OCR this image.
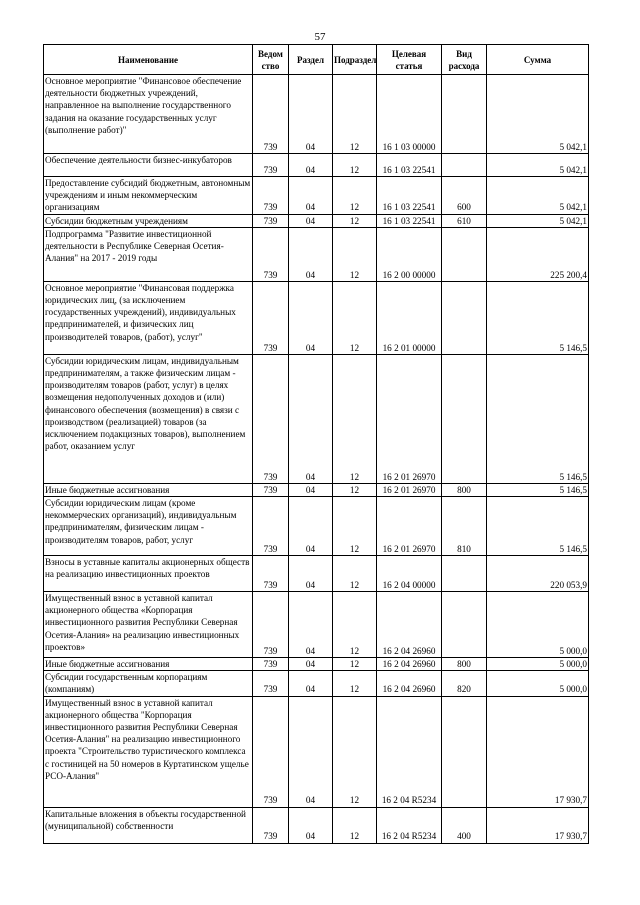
57
Наименование	Ведом ство	Раздел	Подраздел	Целевая статья	Вид расхода	Сумма
Основное мероприятие "Финансовое обеспечение деятельности бюджетных учреждений, направленное на выполнение государственного задания на оказание государственных услуг (выполнение работ)"	739	04	12	16 1 03 00000		5 042,1
Обеспечение деятельности бизнес-инкубаторов	739	04	12	16 1 03 22541		5 042,1
Предоставление субсидий бюджетным, автономным учреждениям и иным некоммерческим организациям	739	04	12	16 1 03 22541	600	5 042,1
Субсидии бюджетным учреждениям	739	04	12	16 1 03 22541	610	5 042,1
Подпрограмма "Развитие инвестиционной деятельности в Республике Северная Осетия-Алания" на 2017 - 2019 годы	739	04	12	16 2 00 00000		225 200,4
Основное мероприятие "Финансовая поддержка юридических лиц, (за исключением государственных учреждений), индивидуальных предпринимателей, и физических лиц производителей товаров, (работ), услуг"	739	04	12	16 2 01 00000		5 146,5
Субсидии юридическим лицам, индивидуальным предпринимателям, а также физическим лицам - производителям товаров (работ, услуг) в целях возмещения недополученных доходов и (или) финансового обеспечения (возмещения) в связи с производством (реализацией) товаров (за исключением подакцизных товаров), выполнением работ, оказанием услуг	739	04	12	16 2 01 26970		5 146,5
Иные бюджетные ассигнования	739	04	12	16 2 01 26970	800	5 146,5
Субсидии юридическим лицам (кроме некоммерческих организаций), индивидуальным предпринимателям, физическим лицам - производителям товаров, работ, услуг	739	04	12	16 2 01 26970	810	5 146,5
Взносы в уставные капиталы акционерных обществ на реализацию инвестиционных проектов	739	04	12	16 2 04 00000		220 053,9
Имущественный взнос в уставной капитал акционерного общества «Корпорация инвестиционного развития Республики Северная Осетия-Алания» на реализацию инвестиционных проектов»	739	04	12	16 2 04 26960		5 000,0
Иные бюджетные ассигнования	739	04	12	16 2 04 26960	800	5 000,0
Субсидии государственным корпорациям (компаниям)	739	04	12	16 2 04 26960	820	5 000,0
Имущественный взнос в уставной капитал акционерного общества "Корпорация инвестиционного развития Республики Северная Осетия-Алания" на реализацию инвестиционного проекта "Строительство туристического комплекса с гостиницей на 50 номеров в Куртатинском ущелье РСО-Алания"	739	04	12	16 2 04 R5234		17 930,7
Капитальные вложения в объекты государственной (муниципальной) собственности	739	04	12	16 2 04 R5234	400	17 930,7
